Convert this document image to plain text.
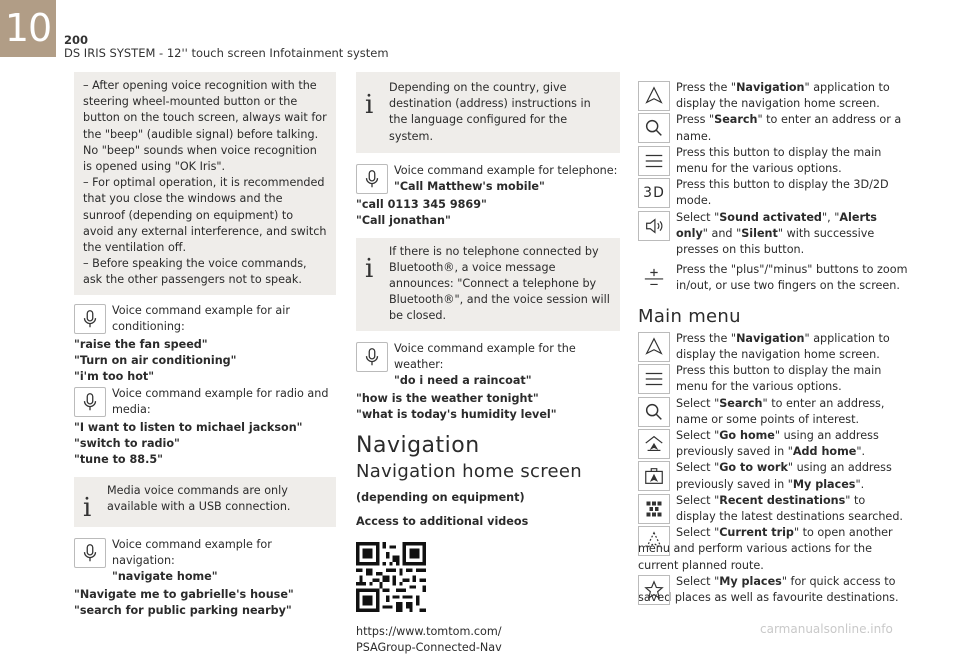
10	200
DS IRIS SYSTEM - 12'' touch screen Infotainment system
– After opening voice recognition with the steering wheel-mounted button or the button on the touch screen, always wait for the "beep" (audible signal) before talking.
No "beep" sounds when voice recognition is opened using "OK Iris".
– For optimal operation, it is recommended that you close the windows and the sunroof (depending on equipment) to avoid any external interference, and switch the ventilation off.
– Before speaking the voice commands, ask the other passengers not to speak.
Voice command example for air conditioning:
"raise the fan speed"
"Turn on air conditioning"
"i'm too hot"
Voice command example for radio and media:
"I want to listen to michael jackson"
"switch to radio"
"tune to 88.5"
i
Media voice commands are only available with a USB connection.
Voice command example for navigation:
"navigate home"
"Navigate me to gabrielle's house"
"search for public parking nearby"
i
Depending on the country, give destination (address) instructions in the language configured for the system.
Voice command example for telephone:
"Call Matthew's mobile"
"call 0113 345 9869"
"Call jonathan"
i
If there is no telephone connected by Bluetooth®, a voice message announces: "Connect a telephone by Bluetooth®", and the voice session will be closed.
Voice command example for the weather:
"do i need a raincoat"
"how is the weather tonight"
"what is today's humidity level"
Navigation
Navigation home screen
(depending on equipment)
Access to additional videos
https://www.tomtom.com/
PSAGroup-Connected-Nav
Press the "Navigation" application to display the navigation home screen.
Press "Search" to enter an address or a name.
Press this button to display the main menu for the various options.
3D
Press this button to display the 3D/2D mode.
Select "Sound activated", "Alerts only" and "Silent" with successive presses on this button.
Press the "plus"/"minus" buttons to zoom in/out, or use two fingers on the screen.
Main menu
Press the "Navigation" application to display the navigation home screen.
Press this button to display the main menu for the various options.
Select "Search" to enter an address, name or some points of interest.
Select "Go home" using an address previously saved in "Add home".
Select "Go to work" using an address previously saved in "My places".
Select "Recent destinations" to display the latest destinations searched.
Select "Current trip" to open another menu and perform various actions for the current planned route.
Select "My places" for quick access to saved places as well as favourite destinations.
carmanualsonline.info
